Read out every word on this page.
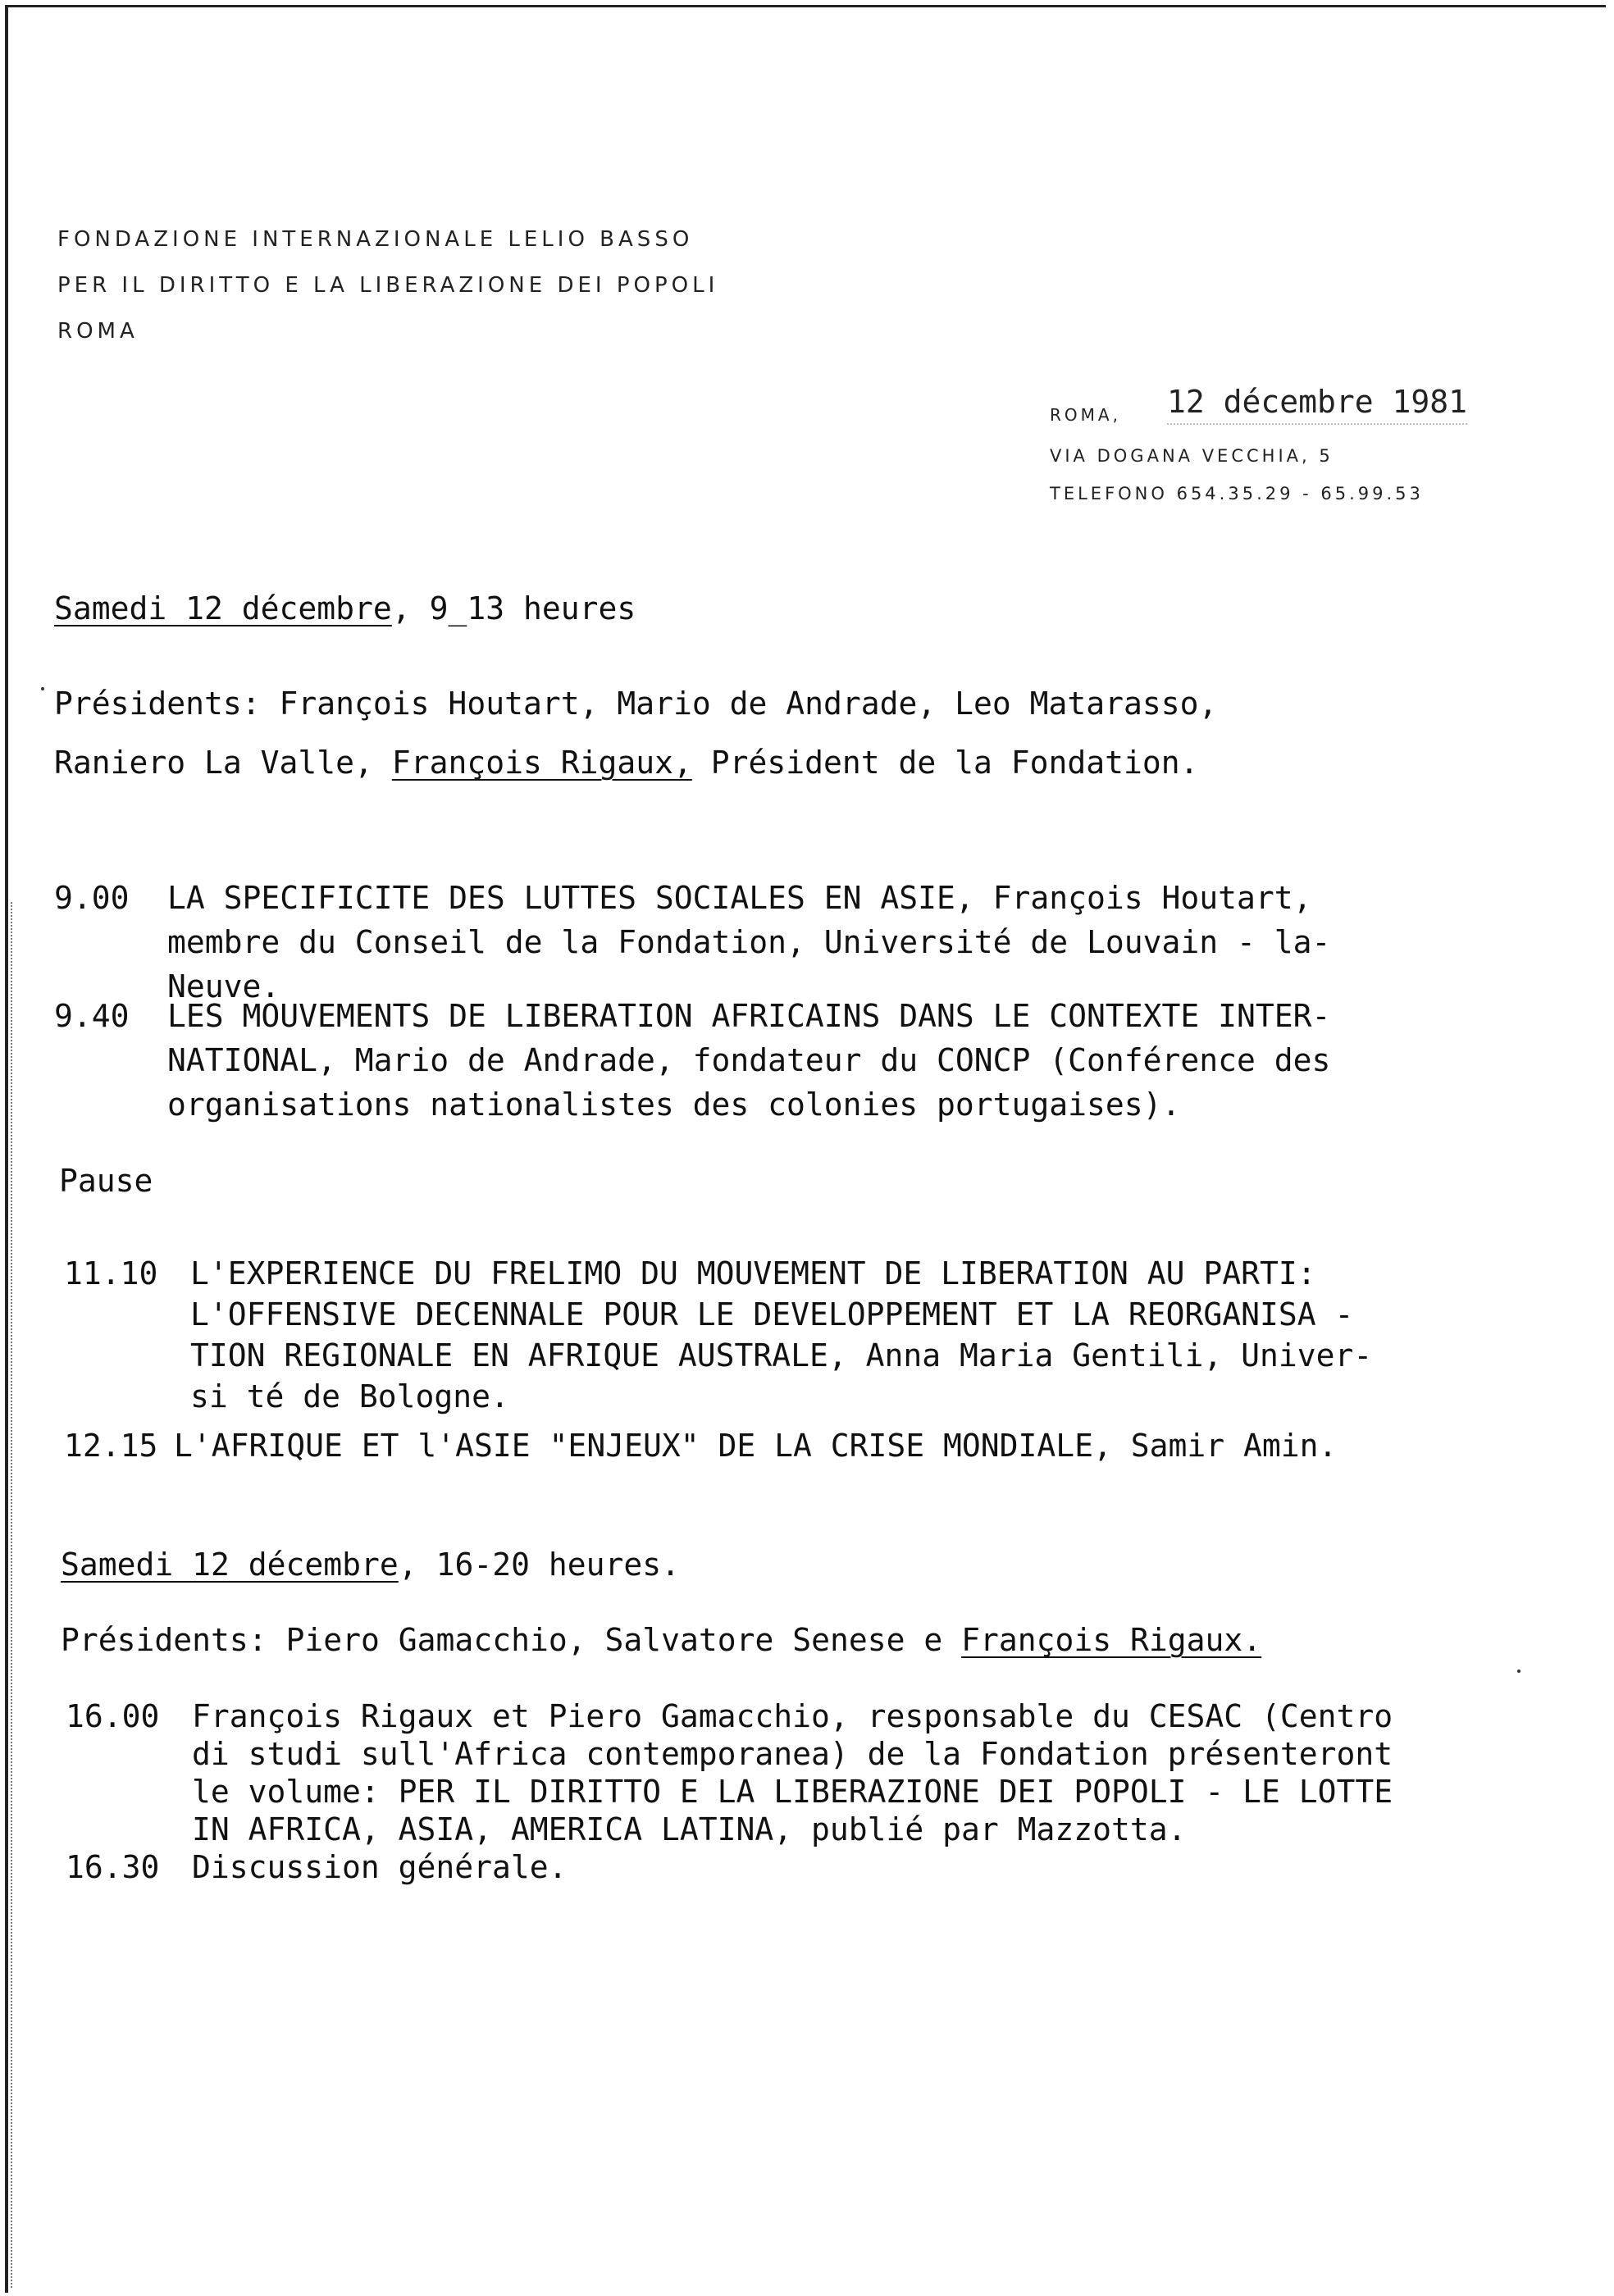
FONDAZIONE INTERNAZIONALE LELIO BASSO
PER IL DIRITTO E LA LIBERAZIONE DEI POPOLI
ROMA
ROMA, 12 décembre 1981
VIA DOGANA VECCHIA, 5
TELEFONO 654.35.29 - 65.99.53
Samedi 12 décembre, 9_13 heures
Présidents: François Houtart, Mario de Andrade, Leo Matarasso,
Raniero La Valle, François Rigaux, Président de la Fondation.
9.00 LA SPECIFICITE DES LUTTES SOCIALES EN ASIE, François Houtart,
membre du Conseil de la Fondation, Université de Louvain - la-
Neuve.
9.40 LES MOUVEMENTS DE LIBERATION AFRICAINS DANS LE CONTEXTE INTER-
NATIONAL, Mario de Andrade, fondateur du CONCP (Conférence des
organisations nationalistes des colonies portugaises).
Pause
11.10 L'EXPERIENCE DU FRELIMO DU MOUVEMENT DE LIBERATION AU PARTI:
L'OFFENSIVE DECENNALE POUR LE DEVELOPPEMENT ET LA REORGANISA -
TION REGIONALE EN AFRIQUE AUSTRALE, Anna Maria Gentili, Univer-
si té de Bologne.
12.15 L'AFRIQUE ET l'ASIE "ENJEUX" DE LA CRISE MONDIALE, Samir Amin.
Samedi 12 décembre, 16-20 heures.
Présidents: Piero Gamacchio, Salvatore Senese e François Rigaux.
16.00 François Rigaux et Piero Gamacchio, responsable du CESAC (Centro
di studi sull'Africa contemporanea) de la Fondation présenteront
le volume: PER IL DIRITTO E LA LIBERAZIONE DEI POPOLI - LE LOTTE
IN AFRICA, ASIA, AMERICA LATINA, publié par Mazzotta.
16.30 Discussion générale.
